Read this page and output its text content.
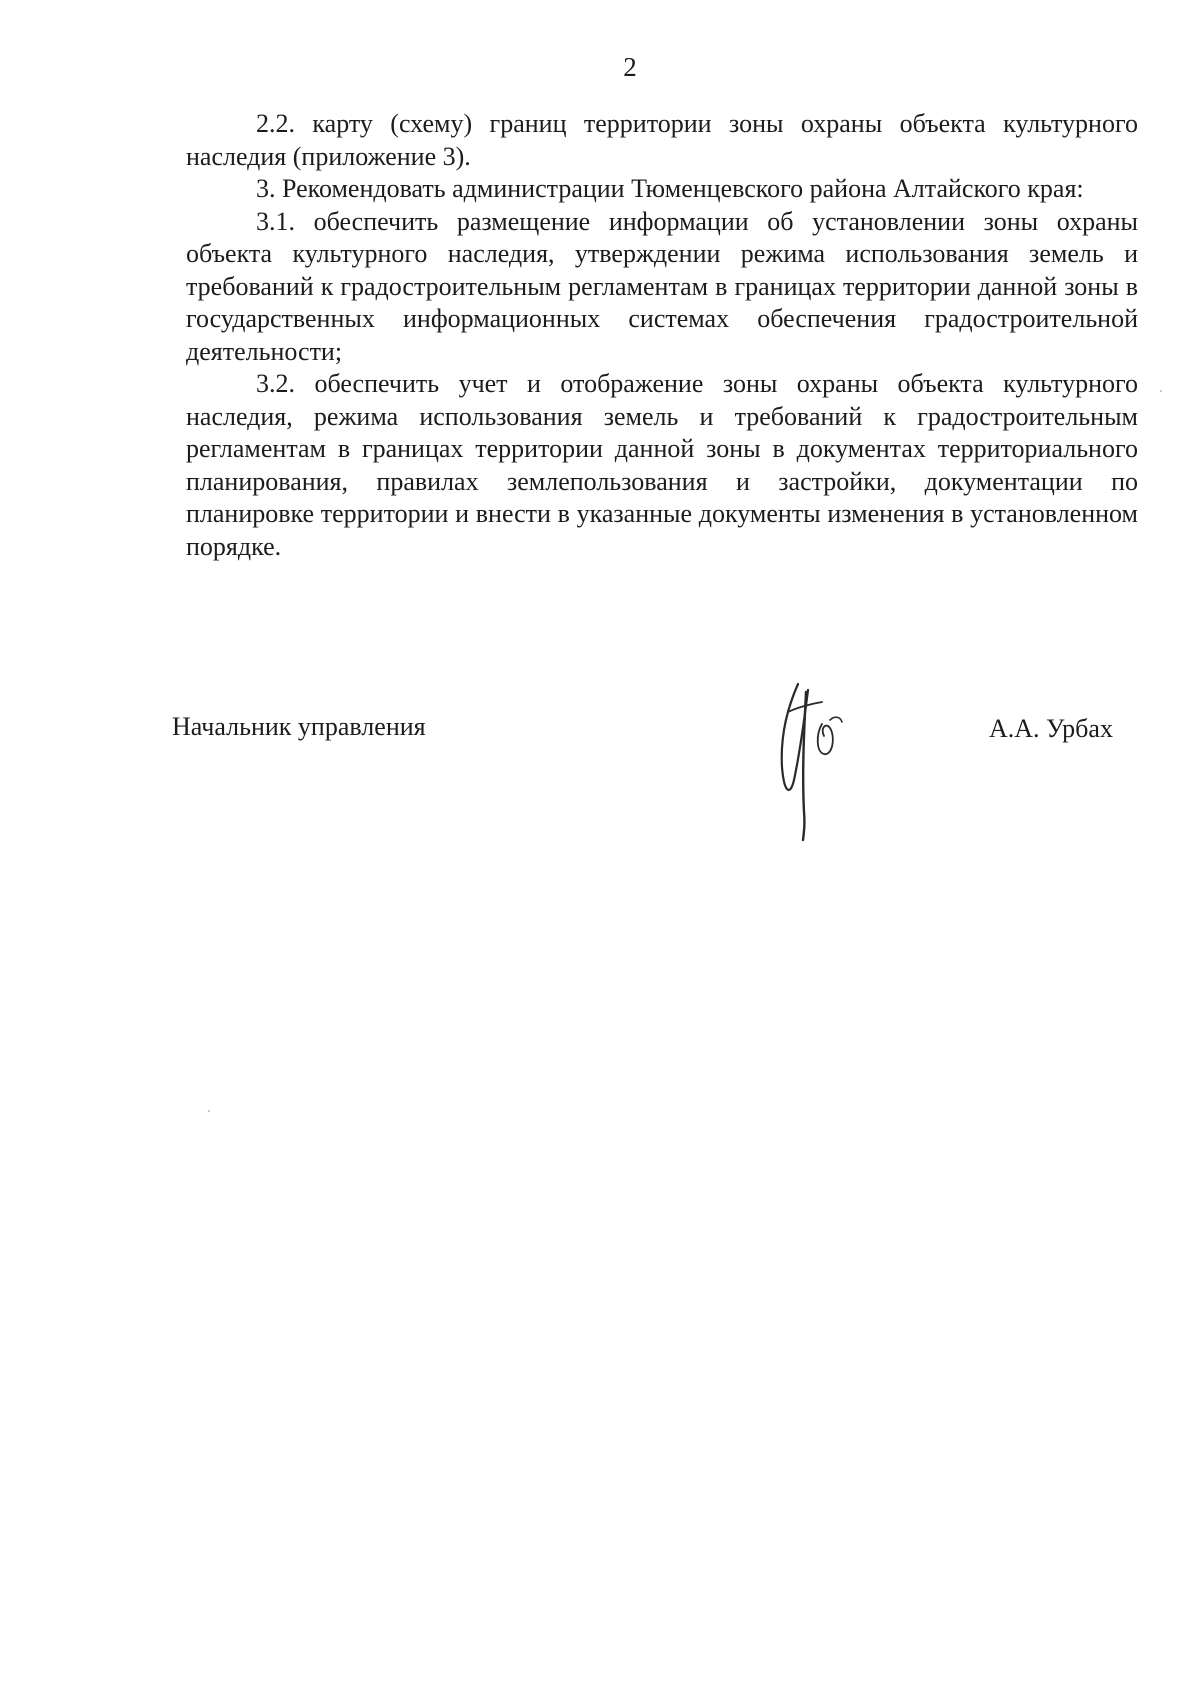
2

2.2. карту (схему) границ территории зоны охраны объекта культурного наследия (приложение 3).

3. Рекомендовать администрации Тюменцевского района Алтайского края:

3.1. обеспечить размещение информации об установлении зоны охраны объекта культурного наследия, утверждении режима использования земель и требований к градостроительным регламентам в границах территории данной зоны в государственных информационных системах обеспечения градостроительной деятельности;

3.2. обеспечить учет и отображение зоны охраны объекта культурного наследия, режима использования земель и требований к градостроительным регламентам в границах территории данной зоны в документах территориального планирования, правилах землепользования и застройки, документации по планировке территории и внести в указанные документы изменения в установленном порядке.

Начальник управления	А.А. Урбах
